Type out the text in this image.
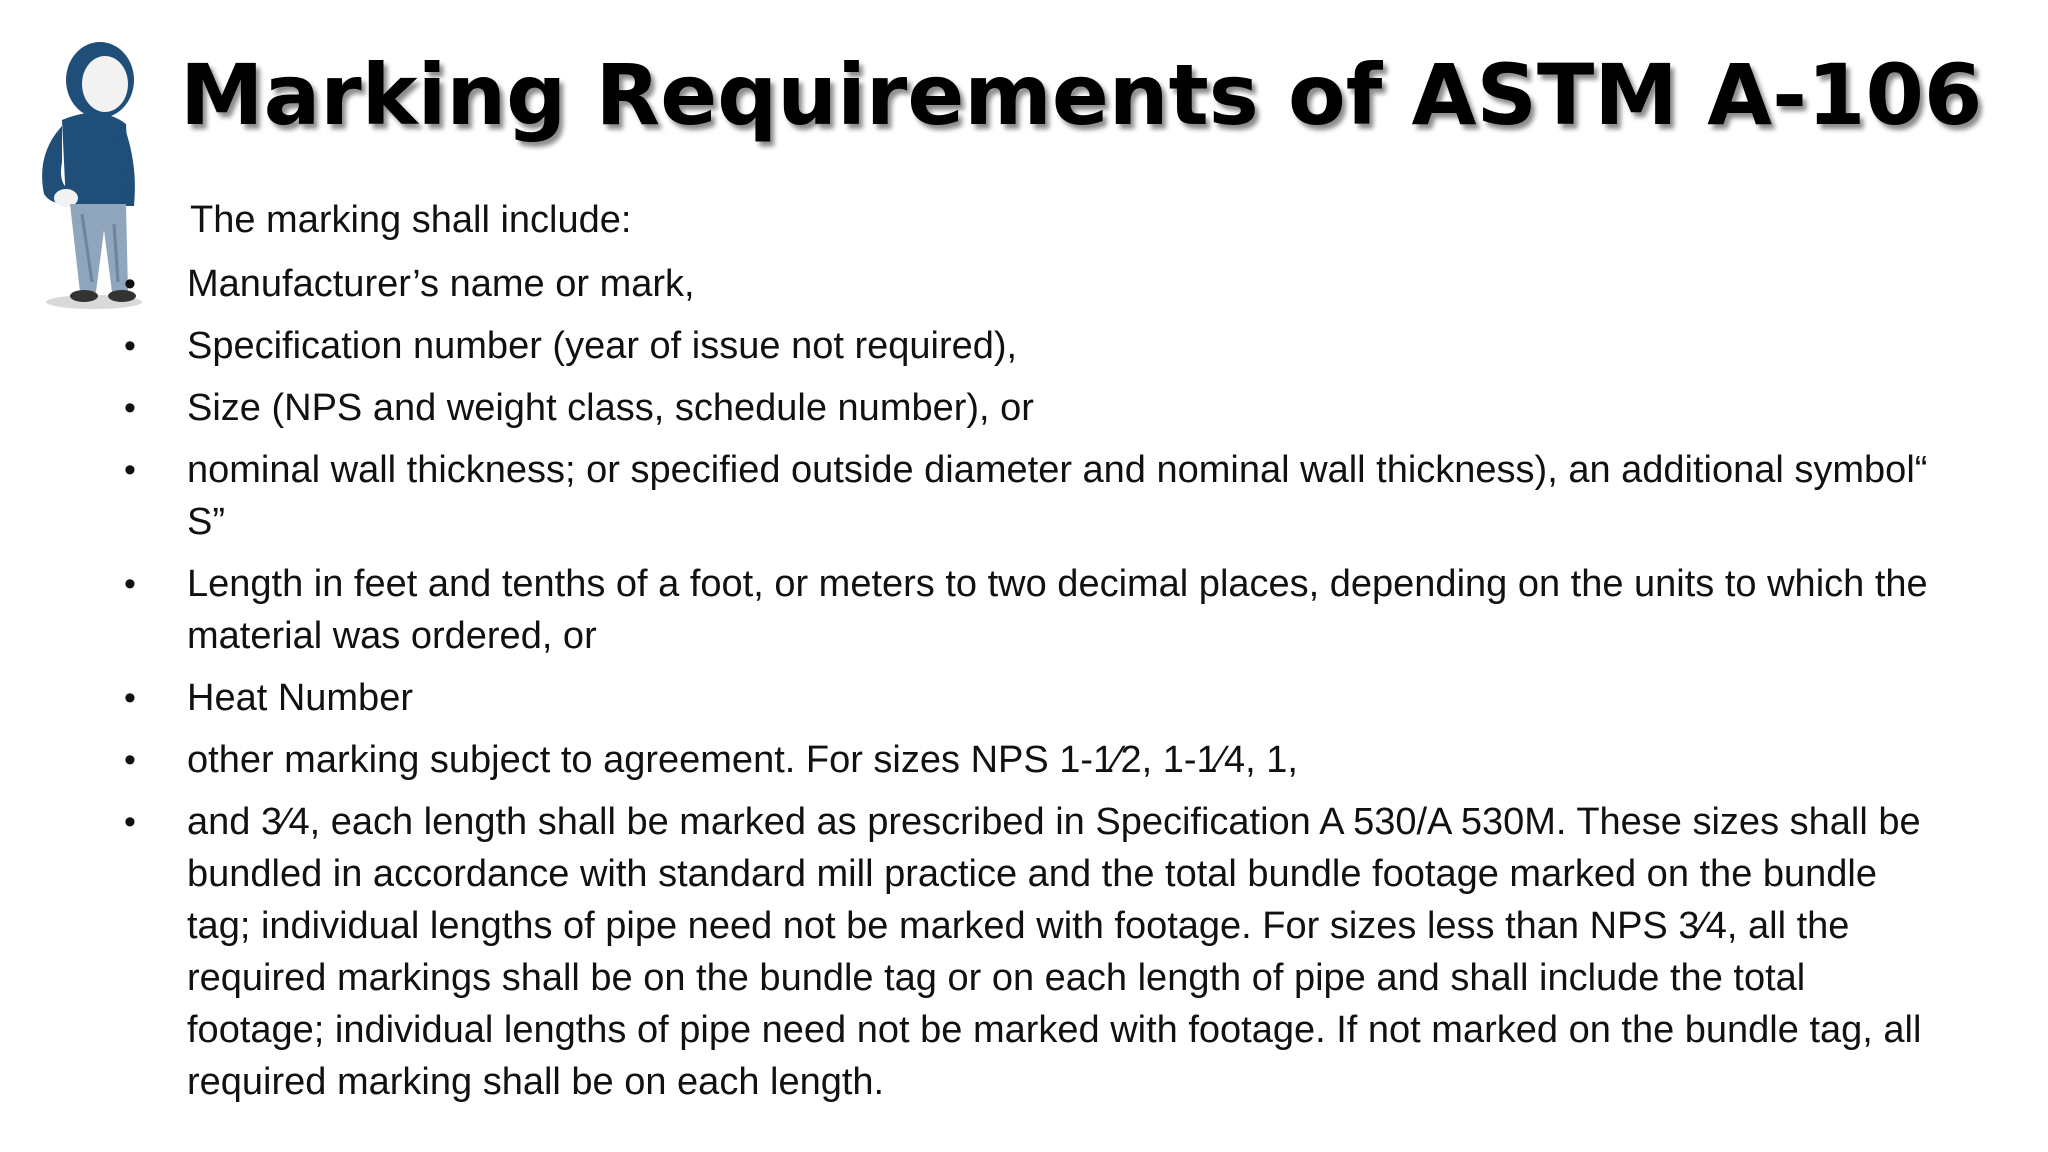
Marking Requirements of ASTM A-106
The marking shall include:
• Manufacturer’s name or mark,
• Specification number (year of issue not required),
• Size (NPS and weight class, schedule number), or
• nominal wall thickness; or specified outside diameter and nominal wall thickness), an additional symbol“ S”
• Length in feet and tenths of a foot, or meters to two decimal places, depending on the units to which the material was ordered, or
• Heat Number
• other marking subject to agreement. For sizes NPS 1-1⁄2, 1-1⁄4, 1,
• and 3⁄4, each length shall be marked as prescribed in Specification A 530/A 530M. These sizes shall be bundled in accordance with standard mill practice and the total bundle footage marked on the bundle tag; individual lengths of pipe need not be marked with footage. For sizes less than NPS 3⁄4, all the required markings shall be on the bundle tag or on each length of pipe and shall include the total footage; individual lengths of pipe need not be marked with footage. If not marked on the bundle tag, all required marking shall be on each length.
